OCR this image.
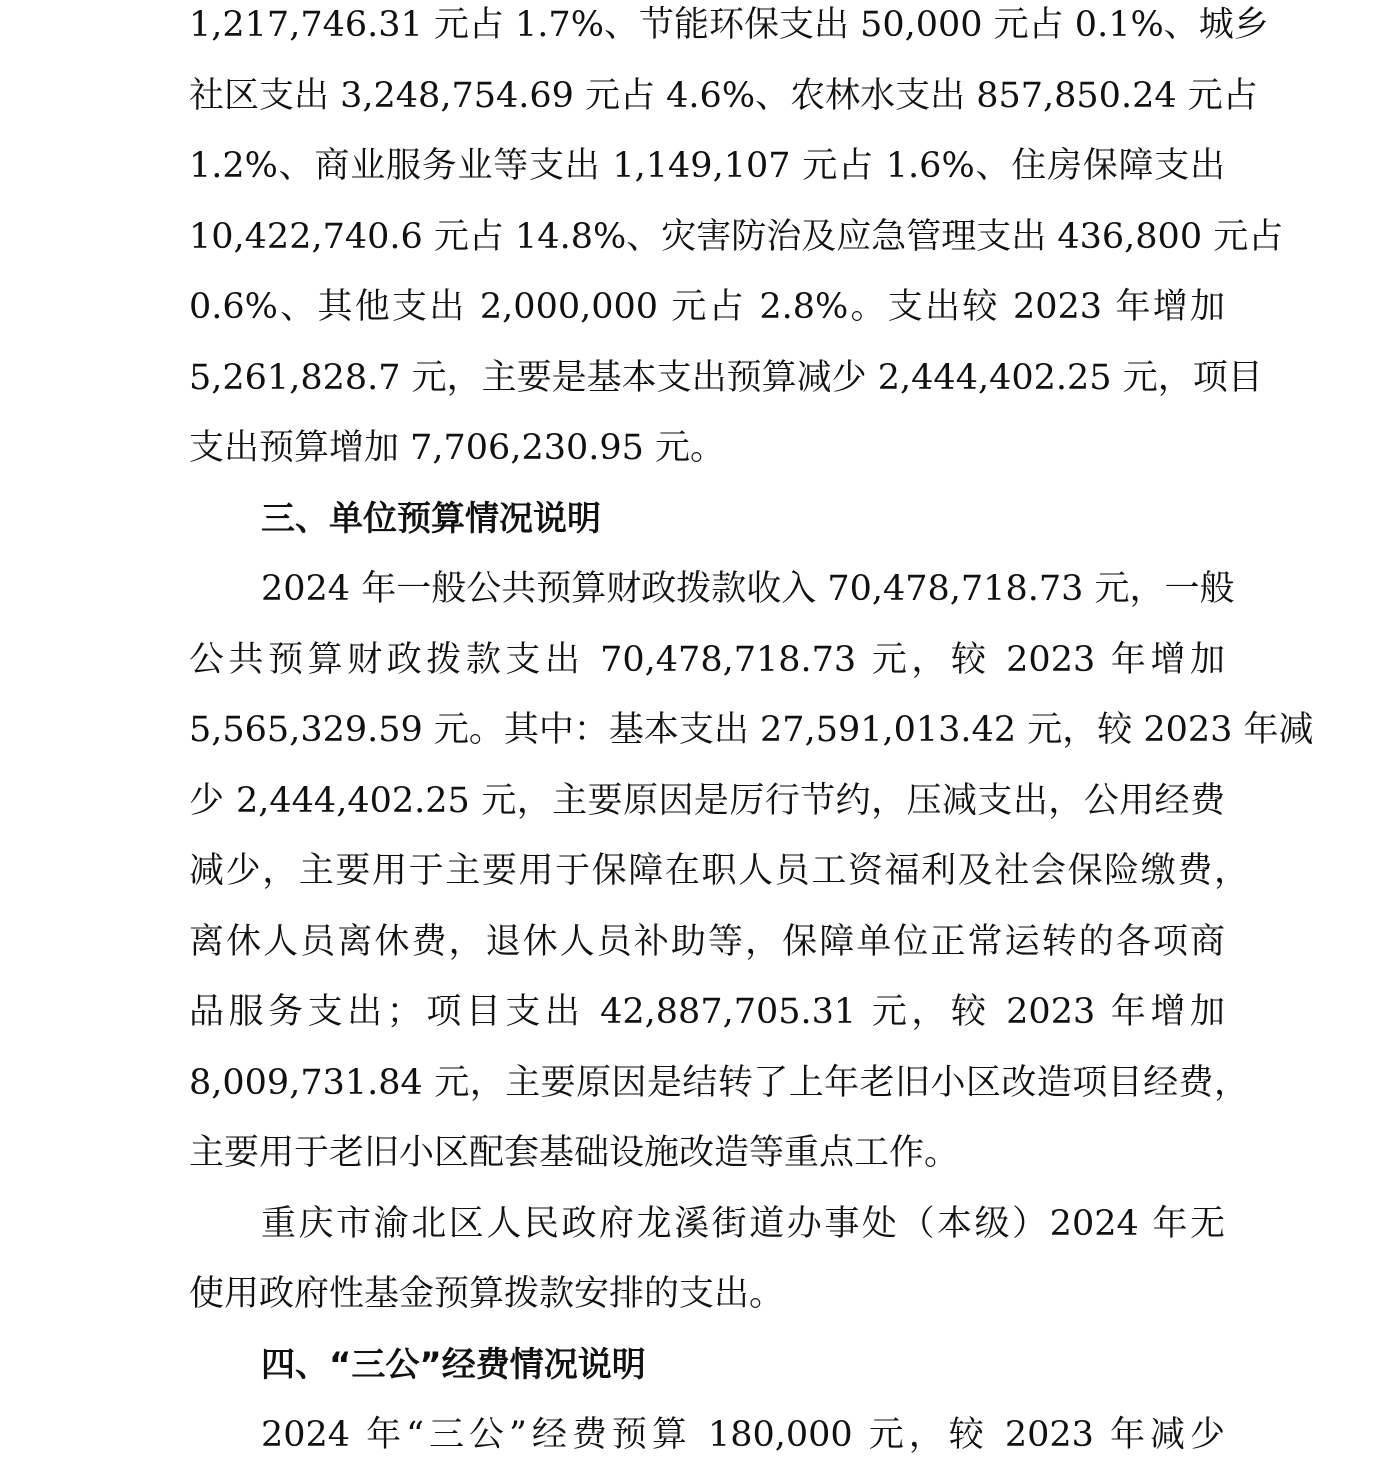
1,217,746.31 元占 1.7%、节能环保支出 50,000 元占 0.1%、城乡
社区支出 3,248,754.69 元占 4.6%、农林水支出 857,850.24 元占
1.2%、商业服务业等支出 1,149,107 元占 1.6%、住房保障支出
10,422,740.6 元占 14.8%、灾害防治及应急管理支出 436,800 元占
0.6%、其他支出 2,000,000 元占 2.8%。支出较 2023 年增加
5,261,828.7 元，主要是基本支出预算减少 2,444,402.25 元，项目
支出预算增加 7,706,230.95 元。
三、单位预算情况说明
2024 年一般公共预算财政拨款收入 70,478,718.73 元，一般
公共预算财政拨款支出 70,478,718.73 元，较 2023 年增加
5,565,329.59 元。其中：基本支出 27,591,013.42 元，较 2023 年减
少 2,444,402.25 元，主要原因是厉行节约，压减支出，公用经费
减少，主要用于主要用于保障在职人员工资福利及社会保险缴费，
离休人员离休费，退休人员补助等，保障单位正常运转的各项商
品服务支出；项目支出 42,887,705.31 元，较 2023 年增加
8,009,731.84 元，主要原因是结转了上年老旧小区改造项目经费，
主要用于老旧小区配套基础设施改造等重点工作。
重庆市渝北区人民政府龙溪街道办事处（本级）2024 年无
使用政府性基金预算拨款安排的支出。
四、“三公”经费情况说明
2024 年“三公”经费预算 180,000 元，较 2023 年减少
